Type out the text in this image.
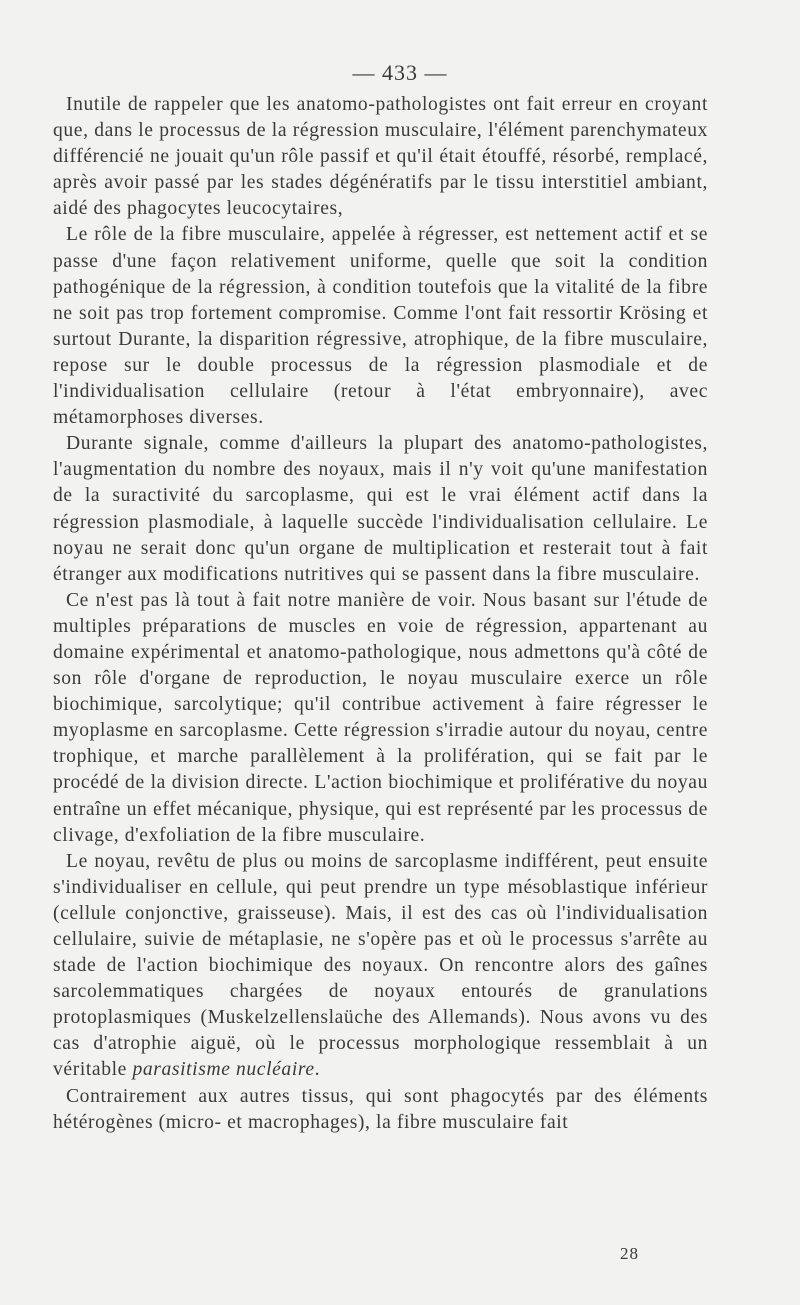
— 433 —

Inutile de rappeler que les anatomo-pathologistes ont fait erreur en croyant que, dans le processus de la régression musculaire, l'élément parenchymateux différencié ne jouait qu'un rôle passif et qu'il était étouffé, résorbé, remplacé, après avoir passé par les stades dégénératifs par le tissu interstitiel ambiant, aidé des phagocytes leucocytaires,

Le rôle de la fibre musculaire, appelée à régresser, est nettement actif et se passe d'une façon relativement uniforme, quelle que soit la condition pathogénique de la régression, à condition toutefois que la vitalité de la fibre ne soit pas trop fortement compromise. Comme l'ont fait ressortir Krösing et surtout Durante, la disparition régressive, atrophique, de la fibre musculaire, repose sur le double processus de la régression plasmodiale et de l'individualisation cellulaire (retour à l'état embryonnaire), avec métamorphoses diverses.

Durante signale, comme d'ailleurs la plupart des anatomo-pathologistes, l'augmentation du nombre des noyaux, mais il n'y voit qu'une manifestation de la suractivité du sarcoplasme, qui est le vrai élément actif dans la régression plasmodiale, à laquelle succède l'individualisation cellulaire. Le noyau ne serait donc qu'un organe de multiplication et resterait tout à fait étranger aux modifications nutritives qui se passent dans la fibre musculaire.

Ce n'est pas là tout à fait notre manière de voir. Nous basant sur l'étude de multiples préparations de muscles en voie de régression, appartenant au domaine expérimental et anatomo-pathologique, nous admettons qu'à côté de son rôle d'organe de reproduction, le noyau musculaire exerce un rôle biochimique, sarcolytique; qu'il contribue activement à faire régresser le myoplasme en sarcoplasme. Cette régression s'irradie autour du noyau, centre trophique, et marche parallèlement à la prolifération, qui se fait par le procédé de la division directe. L'action biochimique et proliférative du noyau entraîne un effet mécanique, physique, qui est représenté par les processus de clivage, d'exfoliation de la fibre musculaire.

Le noyau, revêtu de plus ou moins de sarcoplasme indifférent, peut ensuite s'individualiser en cellule, qui peut prendre un type mésoblastique inférieur (cellule conjonctive, graisseuse). Mais, il est des cas où l'individualisation cellulaire, suivie de métaplasie, ne s'opère pas et où le processus s'arrête au stade de l'action biochimique des noyaux. On rencontre alors des gaînes sarcolemmatiques chargées de noyaux entourés de granulations protoplasmiques (Muskelzellenslaüche des Allemands). Nous avons vu des cas d'atrophie aiguë, où le processus morphologique ressemblait à un véritable parasitisme nucléaire.

Contrairement aux autres tissus, qui sont phagocytés par des éléments hétérogènes (micro- et macrophages), la fibre musculaire fait

28
